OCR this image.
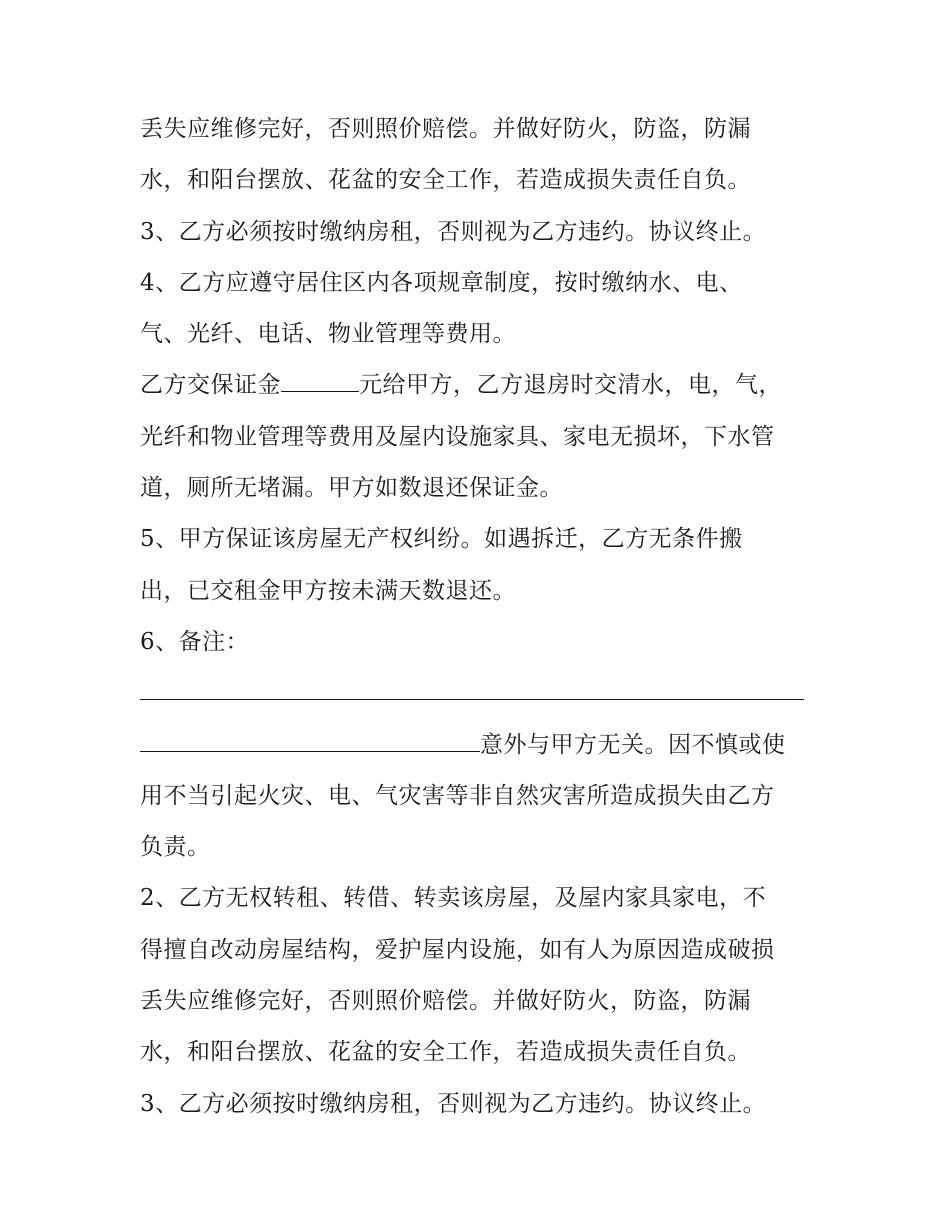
丢失应维修完好，否则照价赔偿。并做好防火，防盗，防漏
水，和阳台摆放、花盆的安全工作，若造成损失责任自负。
3、乙方必须按时缴纳房租，否则视为乙方违约。协议终止。
4、乙方应遵守居住区内各项规章制度，按时缴纳水、电、
气、光纤、电话、物业管理等费用。
乙方交保证金	元给甲方，乙方退房时交清水，电，气，
光纤和物业管理等费用及屋内设施家具、家电无损坏，下水管
道，厕所无堵漏。甲方如数退还保证金。
5、甲方保证该房屋无产权纠纷。如遇拆迁，乙方无条件搬
出，已交租金甲方按未满天数退还。
6、备注：
意外与甲方无关。因不慎或使
用不当引起火灾、电、气灾害等非自然灾害所造成损失由乙方
负责。
2、乙方无权转租、转借、转卖该房屋，及屋内家具家电，不
得擅自改动房屋结构，爱护屋内设施，如有人为原因造成破损
丢失应维修完好，否则照价赔偿。并做好防火，防盗，防漏
水，和阳台摆放、花盆的安全工作，若造成损失责任自负。
3、乙方必须按时缴纳房租，否则视为乙方违约。协议终止。
